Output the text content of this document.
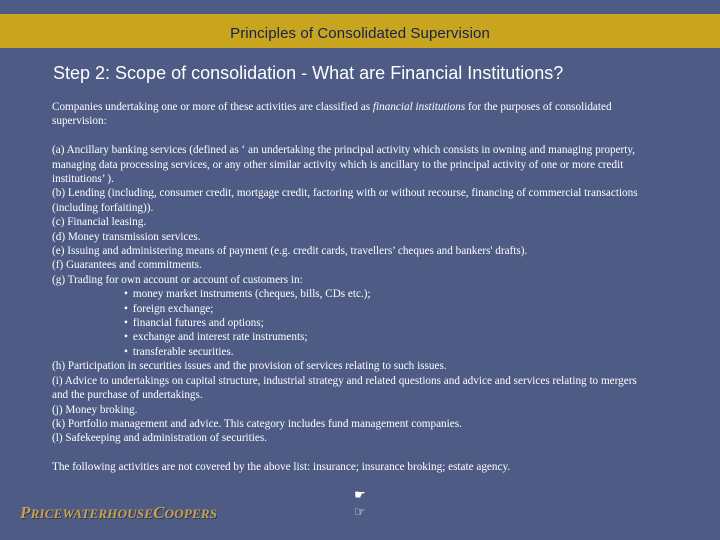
Principles of Consolidated Supervision
Step 2: Scope of consolidation - What are Financial Institutions?

Companies undertaking one or more of these activities are classified as financial institutions for the purposes of consolidated supervision:

(a) Ancillary banking services (defined as ‘ an undertaking the principal activity which consists in owning and managing property, managing data processing services, or any other similar activity which is ancillary to the principal activity of one or more credit institutions’ ).

(b) Lending (including, consumer credit, mortgage credit, factoring with or without recourse, financing of commercial transactions (including forfaiting)).

(c) Financial leasing.

(d) Money transmission services.

(e) Issuing and administering means of payment (e.g. credit cards, travellers’ cheques and bankers' drafts).

(f) Guarantees and commitments.

(g) Trading for own account or account of customers in:

• money market instruments (cheques, bills, CDs etc.);

• foreign exchange;

• financial futures and options;

• exchange and interest rate instruments;

• transferable securities.

(h) Participation in securities issues and the provision of services relating to such issues.

(i) Advice to undertakings on capital structure, industrial strategy and related questions and advice and services relating to mergers and the purchase of undertakings.

(j) Money broking.

(k) Portfolio management and advice. This category includes fund management companies.

(l) Safekeeping and administration of securities.

The following activities are not covered by the above list: insurance; insurance broking; estate agency.

PRICEWATERHOUSECOOPERS
☛
☞
